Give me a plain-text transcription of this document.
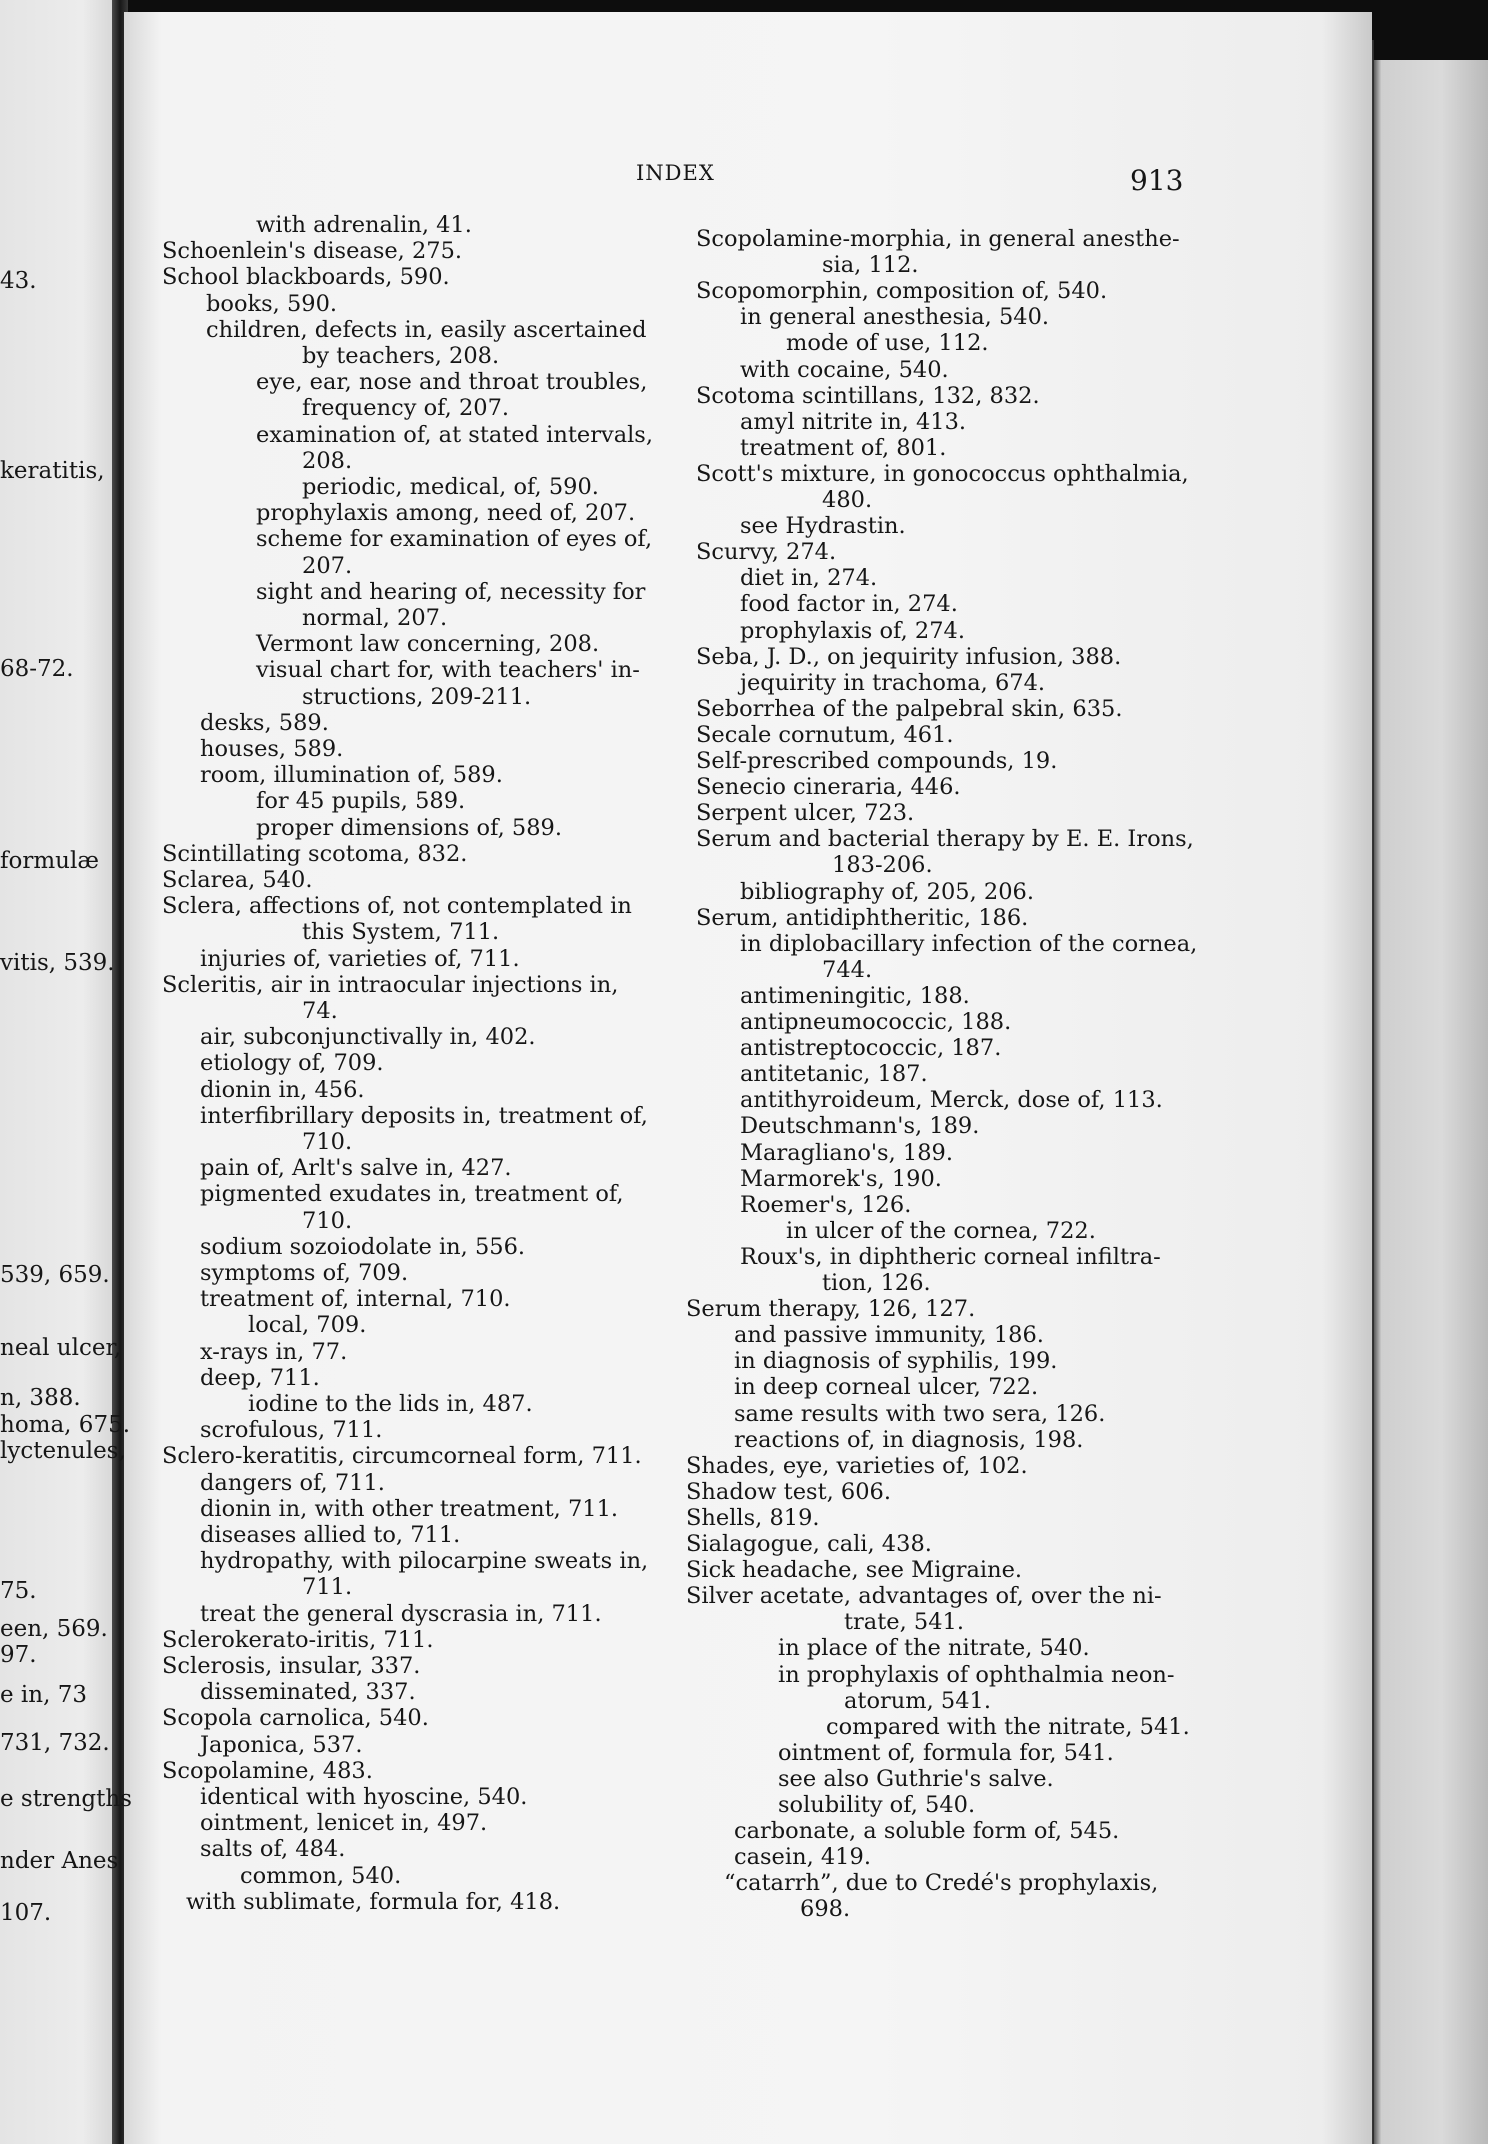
INDEX	913
43.
keratitis,
68-72.
formulæ
vitis, 539.
539, 659.
neal ulcer,
n, 388.
homa, 675.
lyctenules,
75.
een, 569.
97.
e in, 73
731, 732.
e strengths
nder Anes
107.
with adrenalin, 41.
Schoenlein's disease, 275.
School blackboards, 590.
books, 590.
children, defects in, easily ascertained
by teachers, 208.
eye, ear, nose and throat troubles,
frequency of, 207.
examination of, at stated intervals,
208.
periodic, medical, of, 590.
prophylaxis among, need of, 207.
scheme for examination of eyes of,
207.
sight and hearing of, necessity for
normal, 207.
Vermont law concerning, 208.
visual chart for, with teachers' in-
structions, 209-211.
desks, 589.
houses, 589.
room, illumination of, 589.
for 45 pupils, 589.
proper dimensions of, 589.
Scintillating scotoma, 832.
Sclarea, 540.
Sclera, affections of, not contemplated in
this System, 711.
injuries of, varieties of, 711.
Scleritis, air in intraocular injections in,
74.
air, subconjunctivally in, 402.
etiology of, 709.
dionin in, 456.
interfibrillary deposits in, treatment of,
710.
pain of, Arlt's salve in, 427.
pigmented exudates in, treatment of,
710.
sodium sozoiodolate in, 556.
symptoms of, 709.
treatment of, internal, 710.
local, 709.
x-rays in, 77.
deep, 711.
iodine to the lids in, 487.
scrofulous, 711.
Sclero-keratitis, circumcorneal form, 711.
dangers of, 711.
dionin in, with other treatment, 711.
diseases allied to, 711.
hydropathy, with pilocarpine sweats in,
711.
treat the general dyscrasia in, 711.
Sclerokerato-iritis, 711.
Sclerosis, insular, 337.
disseminated, 337.
Scopola carnolica, 540.
Japonica, 537.
Scopolamine, 483.
identical with hyoscine, 540.
ointment, lenicet in, 497.
salts of, 484.
common, 540.
with sublimate, formula for, 418.
Scopolamine-morphia, in general anesthe-
sia, 112.
Scopomorphin, composition of, 540.
in general anesthesia, 540.
mode of use, 112.
with cocaine, 540.
Scotoma scintillans, 132, 832.
amyl nitrite in, 413.
treatment of, 801.
Scott's mixture, in gonococcus ophthalmia,
480.
see Hydrastin.
Scurvy, 274.
diet in, 274.
food factor in, 274.
prophylaxis of, 274.
Seba, J. D., on jequirity infusion, 388.
jequirity in trachoma, 674.
Seborrhea of the palpebral skin, 635.
Secale cornutum, 461.
Self-prescribed compounds, 19.
Senecio cineraria, 446.
Serpent ulcer, 723.
Serum and bacterial therapy by E. E. Irons,
183-206.
bibliography of, 205, 206.
Serum, antidiphtheritic, 186.
in diplobacillary infection of the cornea,
744.
antimeningitic, 188.
antipneumococcic, 188.
antistreptococcic, 187.
antitetanic, 187.
antithyroideum, Merck, dose of, 113.
Deutschmann's, 189.
Maragliano's, 189.
Marmorek's, 190.
Roemer's, 126.
in ulcer of the cornea, 722.
Roux's, in diphtheric corneal infiltra-
tion, 126.
Serum therapy, 126, 127.
and passive immunity, 186.
in diagnosis of syphilis, 199.
in deep corneal ulcer, 722.
same results with two sera, 126.
reactions of, in diagnosis, 198.
Shades, eye, varieties of, 102.
Shadow test, 606.
Shells, 819.
Sialagogue, cali, 438.
Sick headache, see Migraine.
Silver acetate, advantages of, over the ni-
trate, 541.
in place of the nitrate, 540.
in prophylaxis of ophthalmia neon-
atorum, 541.
compared with the nitrate, 541.
ointment of, formula for, 541.
see also Guthrie's salve.
solubility of, 540.
carbonate, a soluble form of, 545.
casein, 419.
“catarrh”, due to Credé's prophylaxis,
698.
